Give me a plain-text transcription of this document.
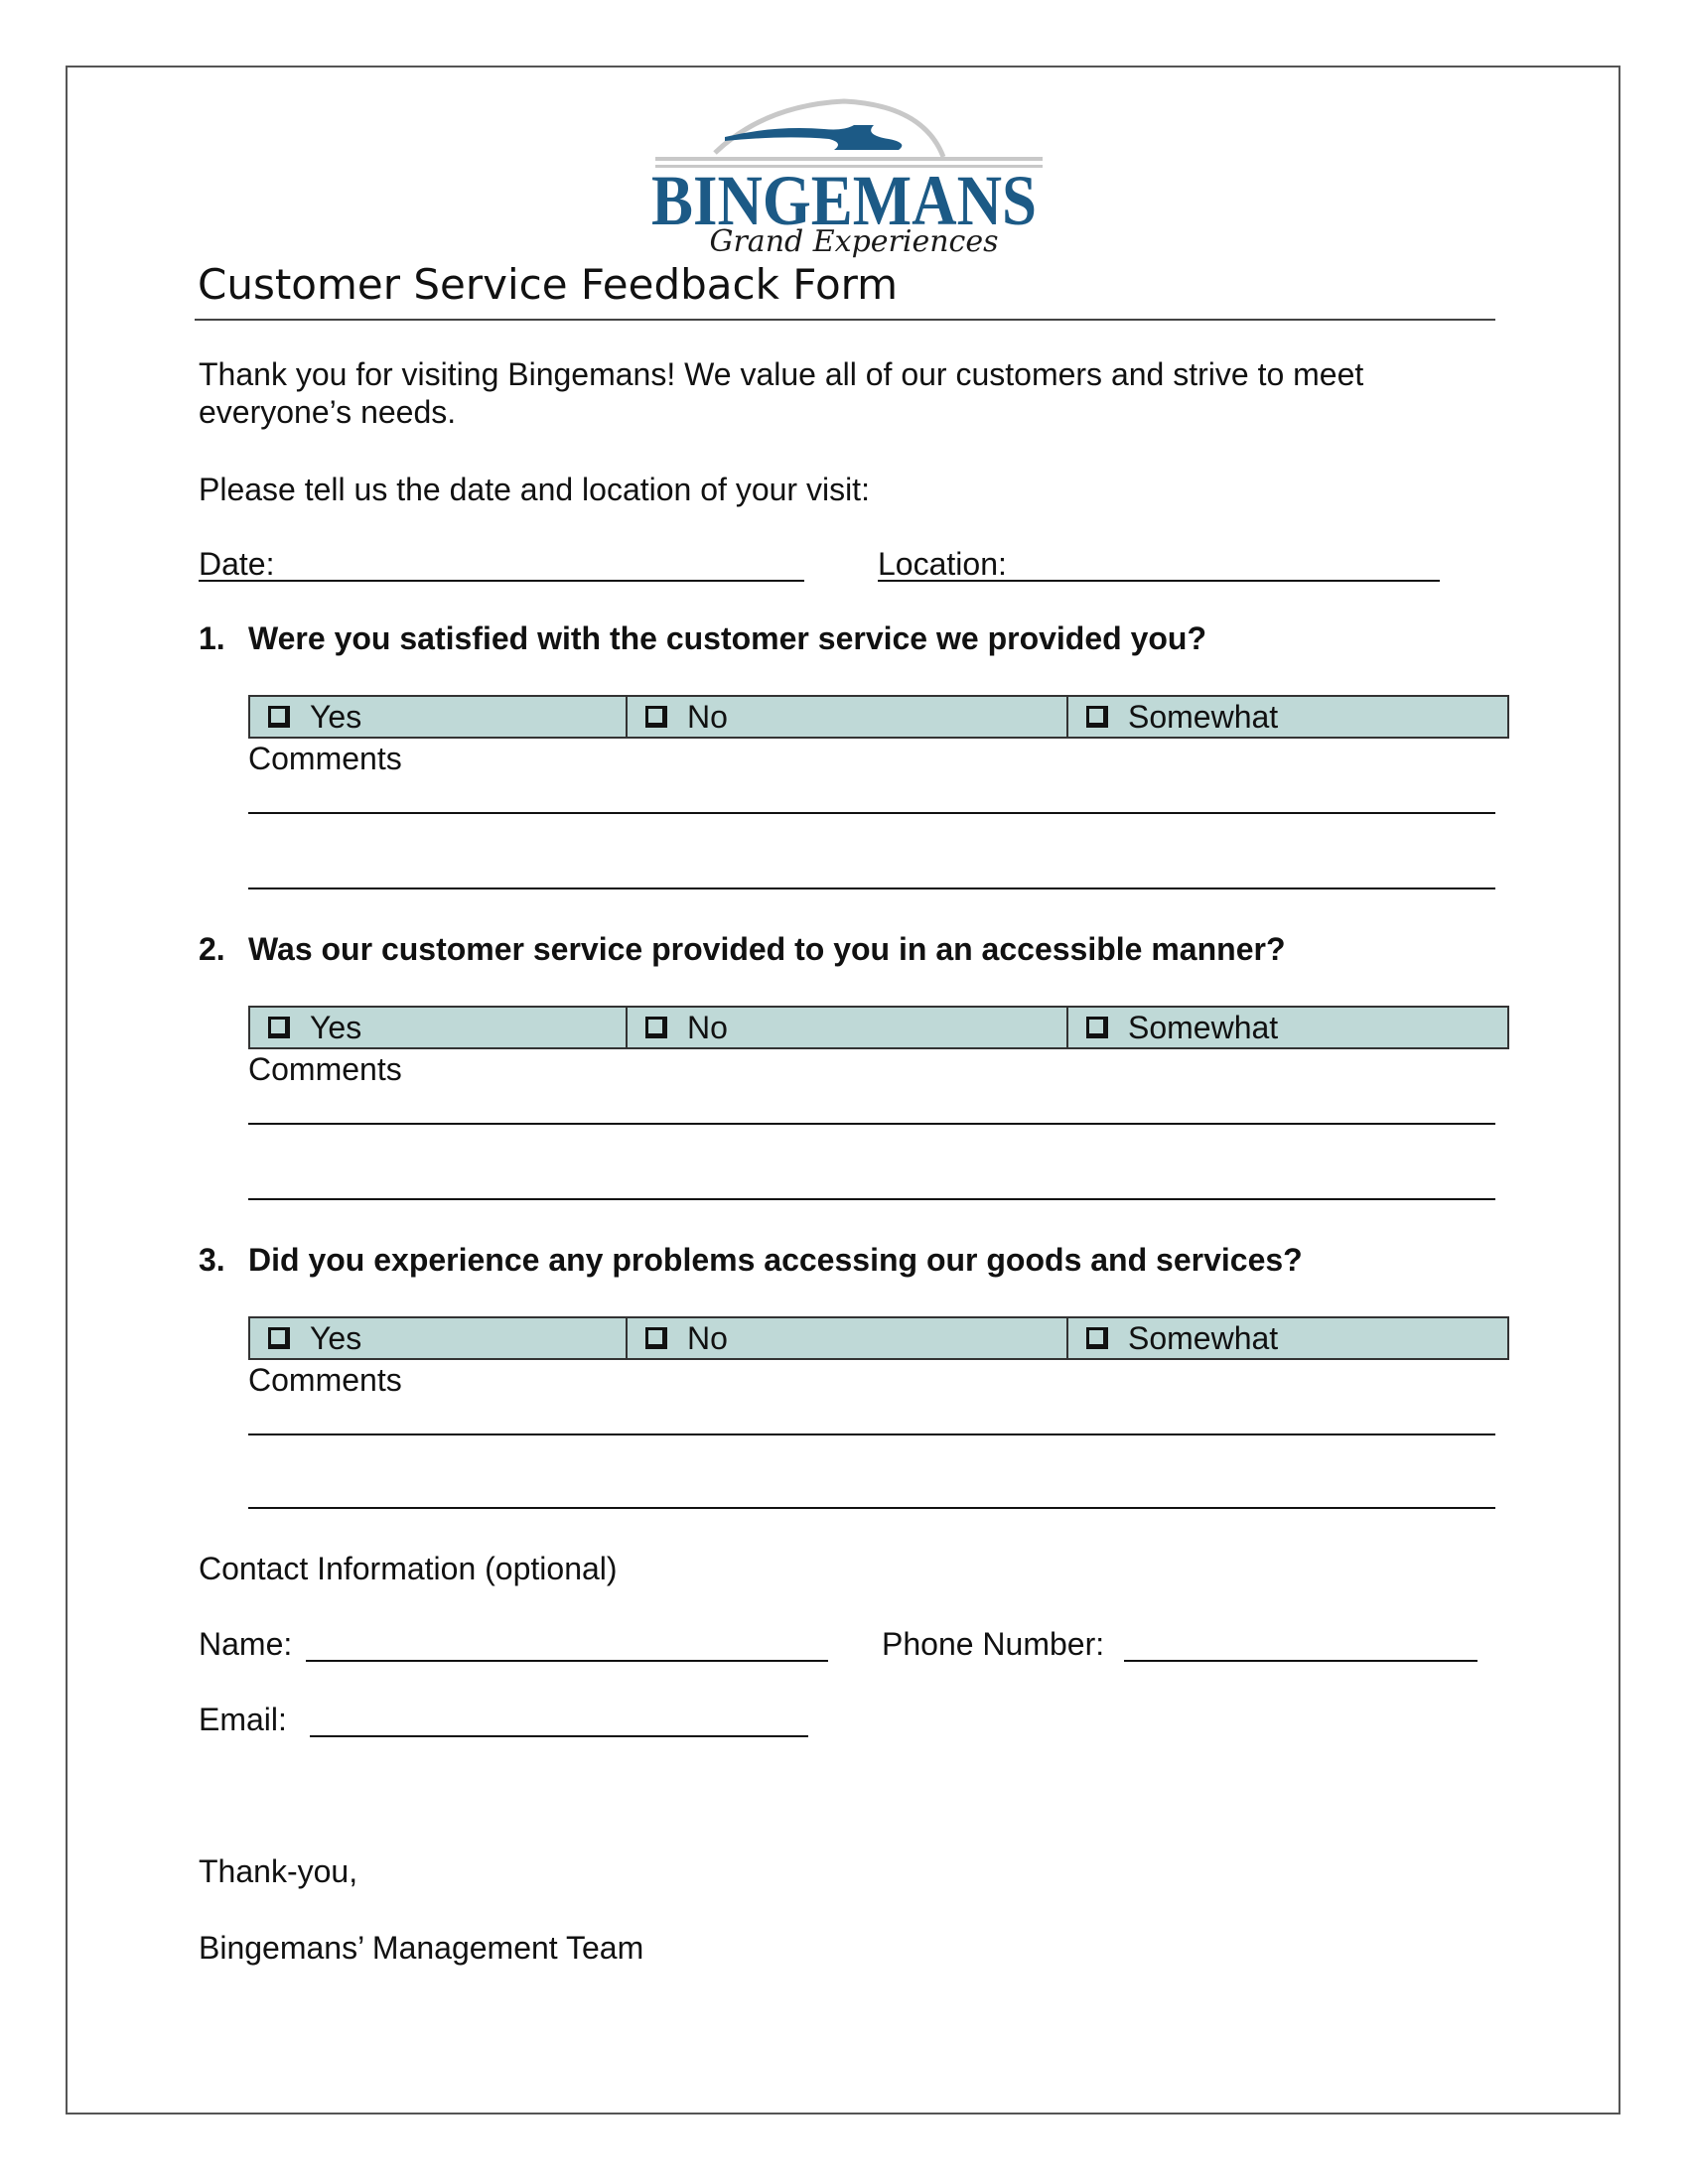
BINGEMANS
Grand Experiences
Customer Service Feedback Form
Thank you for visiting Bingemans! We value all of our customers and strive to meet everyone’s needs.
Please tell us the date and location of your visit:
Date:	Location:
1. Were you satisfied with the customer service we provided you?
Yes	No	Somewhat
Comments
2. Was our customer service provided to you in an accessible manner?
Yes	No	Somewhat
Comments
3. Did you experience any problems accessing our goods and services?
Yes	No	Somewhat
Comments
Contact Information (optional)
Name:	Phone Number:
Email:
Thank-you,
Bingemans’ Management Team
